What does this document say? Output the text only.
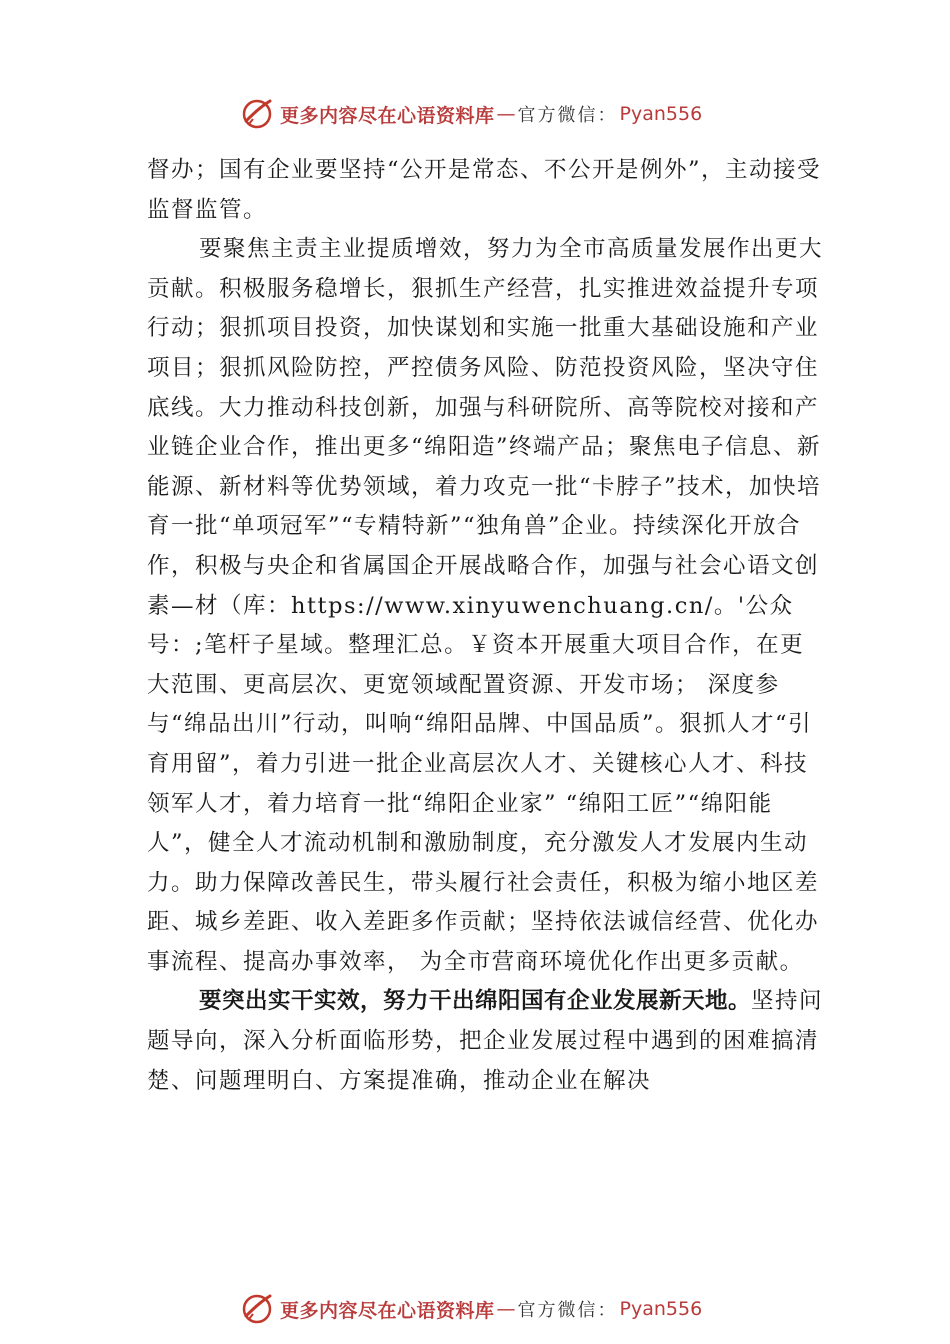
更多内容尽在心语资料库 — 官方微信： Pyan556

督办；国有企业要坚持“公开是常态、不公开是例外”，主动接受监督监管。

要聚焦主责主业提质增效，努力为全市高质量发展作出更大贡献。积极服务稳增长，狠抓生产经营，扎实推进效益提升专项行动；狠抓项目投资，加快谋划和实施一批重大基础设施和产业项目；狠抓风险防控，严控债务风险、防范投资风险，坚决守住底线。大力推动科技创新，加强与科研院所、高等院校对接和产业链企业合作，推出更多“绵阳造”终端产品；聚焦电子信息、新能源、新材料等优势领域，着力攻克一批“卡脖子”技术，加快培育一批“单项冠军”“专精特新”“独角兽”企业。持续深化开放合作，积极与央企和省属国企开展战略合作，加强与社会心语文创素—材（库：https://www.xinyuwenchuang.cn/。'公众号：;笔杆子星域。整理汇总。￥资本开展重大项目合作，在更大范围、更高层次、更宽领域配置资源、开发市场； 深度参与“绵品出川”行动，叫响“绵阳品牌、中国品质”。狠抓人才“引育用留”，着力引进一批企业高层次人才、关键核心人才、科技领军人才，着力培育一批“绵阳企业家” “绵阳工匠”“绵阳能人”，健全人才流动机制和激励制度，充分激发人才发展内生动力。助力保障改善民生，带头履行社会责任，积极为缩小地区差距、城乡差距、收入差距多作贡献；坚持依法诚信经营、优化办事流程、提高办事效率， 为全市营商环境优化作出更多贡献。

要突出实干实效，努力干出绵阳国有企业发展新天地。坚持问题导向，深入分析面临形势，把企业发展过程中遇到的困难搞清楚、问题理明白、方案提准确，推动企业在解决

更多内容尽在心语资料库 — 官方微信： Pyan556
